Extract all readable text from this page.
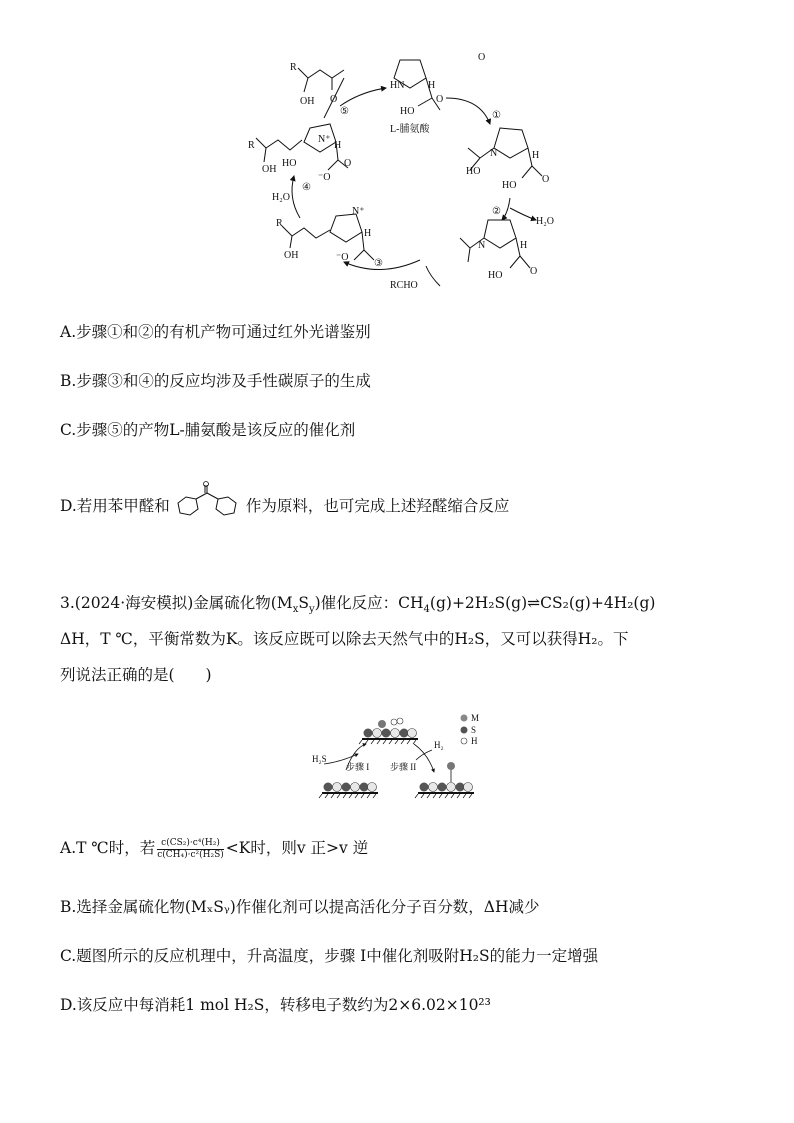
R
OH O
⑤
HN H
HO
O
L-脯氨酸
O
①
N	H
HO
HO
O
②
H₂O
N	H
HO	O
③
RCHO
R
OH
N⁺
H
⁻O
H₂O
④
R
OH
HO
N⁺
H
⁻O
O
A.步骤①和②的有机产物可通过红外光谱鉴别
B.步骤③和④的反应均涉及手性碳原子的生成
C.步骤⑤的产物L-脯氨酸是该反应的催化剂
D.若用苯甲醛和	作为原料，也可完成上述羟醛缩合反应
3.(2024·海安模拟)金属硫化物$(M_xS_y)$催化反应：$CH_4(g)+2H_2S(g)\rightleftharpoons CS_2(g)+4H_2(g)$
ΔH，T ℃，平衡常数为K。该反应既可以除去天然气中的H₂S，又可以获得H₂。下
列说法正确的是(　　)
M
S
H
H₂S
H₂
步骤 I 步骤 II
A.T ℃时，若 $\frac{\text{c(CS₂)·c⁴(H₂)}}{\text{c(CH₄)·c²(H₂S)}} <K$时，则v 正>v 逆
B.选择金属硫化物(MₓSᵧ)作催化剂可以提高活化分子百分数，ΔH减少
C.题图所示的反应机理中，升高温度，步骤 I中催化剂吸附H₂S的能力一定增强
D.该反应中每消耗1 mol H₂S，转移电子数约为2×6.02×10²³
